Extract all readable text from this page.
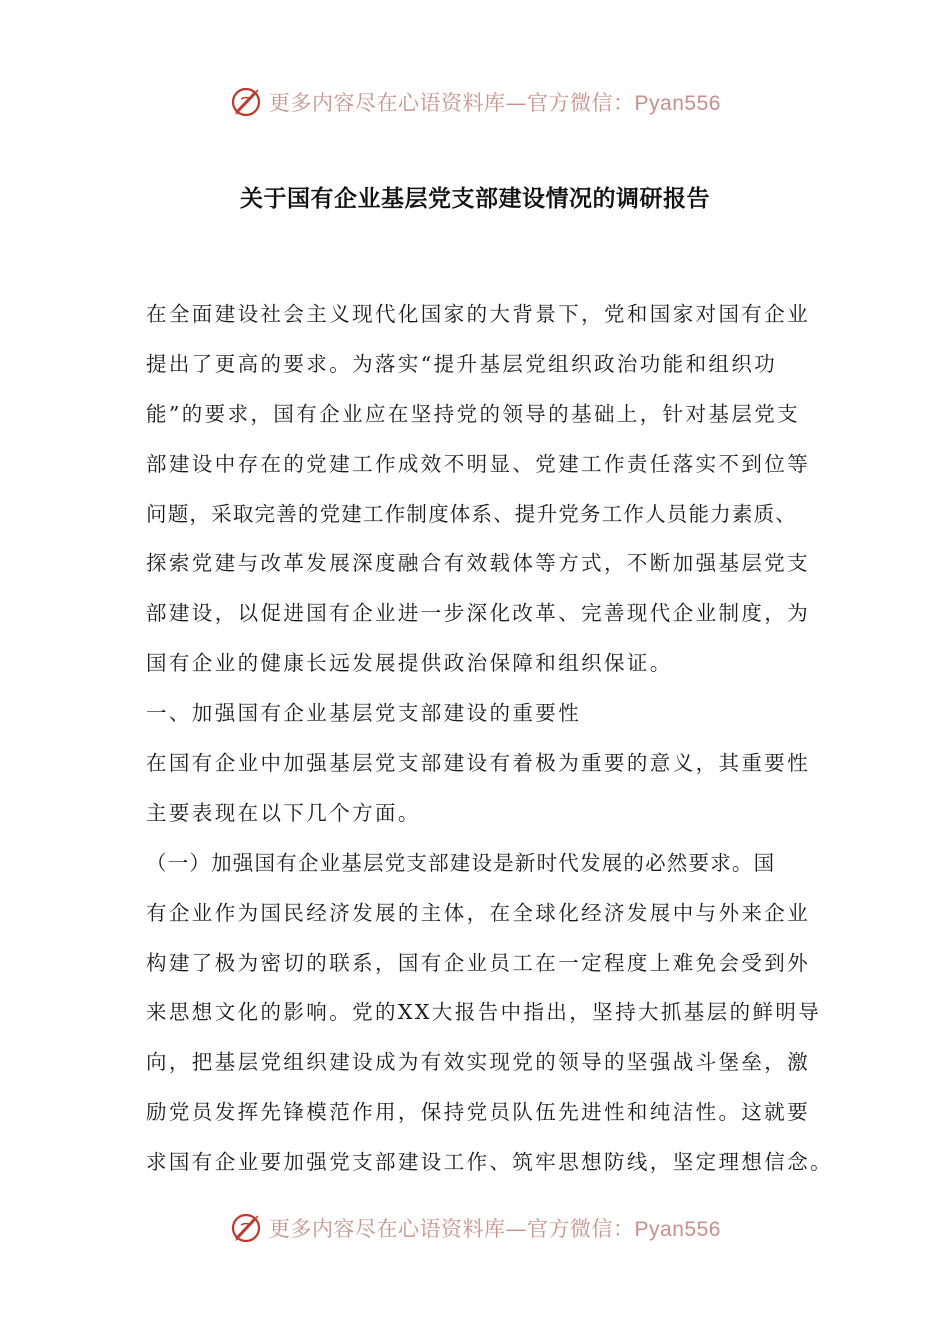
更多内容尽在心语资料库—官方微信：Pyan556
关于国有企业基层党支部建设情况的调研报告
在全面建设社会主义现代化国家的大背景下，党和国家对国有企业
提出了更高的要求。为落实“提升基层党组织政治功能和组织功
能”的要求，国有企业应在坚持党的领导的基础上，针对基层党支
部建设中存在的党建工作成效不明显、党建工作责任落实不到位等
问题，采取完善的党建工作制度体系、提升党务工作人员能力素质、
探索党建与改革发展深度融合有效载体等方式，不断加强基层党支
部建设，以促进国有企业进一步深化改革、完善现代企业制度，为
国有企业的健康长远发展提供政治保障和组织保证。
一、加强国有企业基层党支部建设的重要性
在国有企业中加强基层党支部建设有着极为重要的意义，其重要性
主要表现在以下几个方面。
（一）加强国有企业基层党支部建设是新时代发展的必然要求。国
有企业作为国民经济发展的主体，在全球化经济发展中与外来企业
构建了极为密切的联系，国有企业员工在一定程度上难免会受到外
来思想文化的影响。党的XX大报告中指出，坚持大抓基层的鲜明导
向，把基层党组织建设成为有效实现党的领导的坚强战斗堡垒，激
励党员发挥先锋模范作用，保持党员队伍先进性和纯洁性。这就要
求国有企业要加强党支部建设工作、筑牢思想防线，坚定理想信念。
更多内容尽在心语资料库—官方微信：Pyan556
